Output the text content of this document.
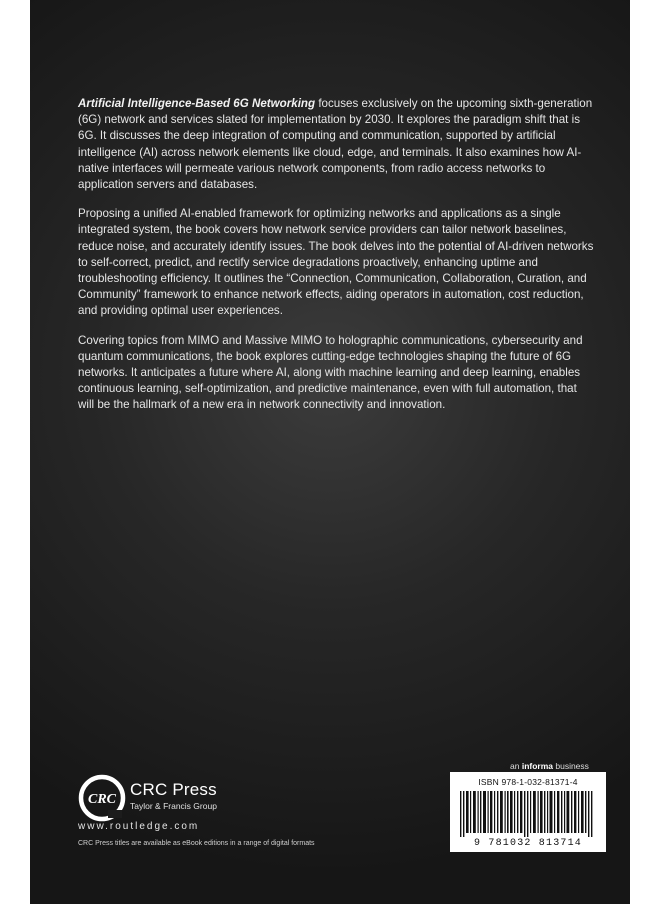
Artificial Intelligence-Based 6G Networking focuses exclusively on the upcoming sixth-generation (6G) network and services slated for implementation by 2030. It explores the paradigm shift that is 6G. It discusses the deep integration of computing and communication, supported by artificial intelligence (AI) across network elements like cloud, edge, and terminals. It also examines how AI-native interfaces will permeate various network components, from radio access networks to application servers and databases.

Proposing a unified AI-enabled framework for optimizing networks and applications as a single integrated system, the book covers how network service providers can tailor network baselines, reduce noise, and accurately identify issues. The book delves into the potential of AI-driven networks to self-correct, predict, and rectify service degradations proactively, enhancing uptime and troubleshooting efficiency. It outlines the “Connection, Communication, Collaboration, Curation, and Community” framework to enhance network effects, aiding operators in automation, cost reduction, and providing optimal user experiences.

Covering topics from MIMO and Massive MIMO to holographic communications, cybersecurity and quantum communications, the book explores cutting-edge technologies shaping the future of 6G networks. It anticipates a future where AI, along with machine learning and deep learning, enables continuous learning, self-optimization, and predictive maintenance, even with full automation, that will be the hallmark of a new era in network connectivity and innovation.

an informa business
ISBN 978-1-032-81371-4
9 781032 813714
CRC
CRC Press
Taylor & Francis Group
www.routledge.com
CRC Press titles are available as eBook editions in a range of digital formats
